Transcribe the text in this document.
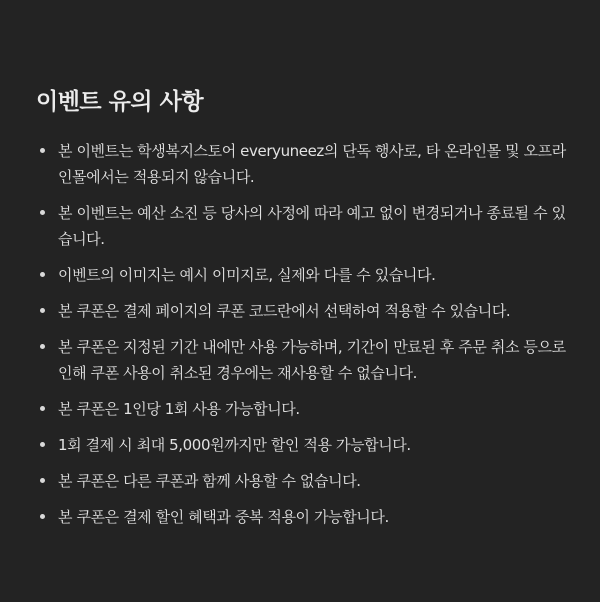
이벤트 유의 사항
본 이벤트는 학생복지스토어 everyuneez의 단독 행사로, 타 온라인몰 및 오프라인몰에서는 적용되지 않습니다.
본 이벤트는 예산 소진 등 당사의 사정에 따라 예고 없이 변경되거나 종료될 수 있습니다.
이벤트의 이미지는 예시 이미지로, 실제와 다를 수 있습니다.
본 쿠폰은 결제 페이지의 쿠폰 코드란에서 선택하여 적용할 수 있습니다.
본 쿠폰은 지정된 기간 내에만 사용 가능하며, 기간이 만료된 후 주문 취소 등으로 인해 쿠폰 사용이 취소된 경우에는 재사용할 수 없습니다.
본 쿠폰은 1인당 1회 사용 가능합니다.
1회 결제 시 최대 5,000원까지만 할인 적용 가능합니다.
본 쿠폰은 다른 쿠폰과 함께 사용할 수 없습니다.
본 쿠폰은 결제 할인 혜택과 중복 적용이 가능합니다.
